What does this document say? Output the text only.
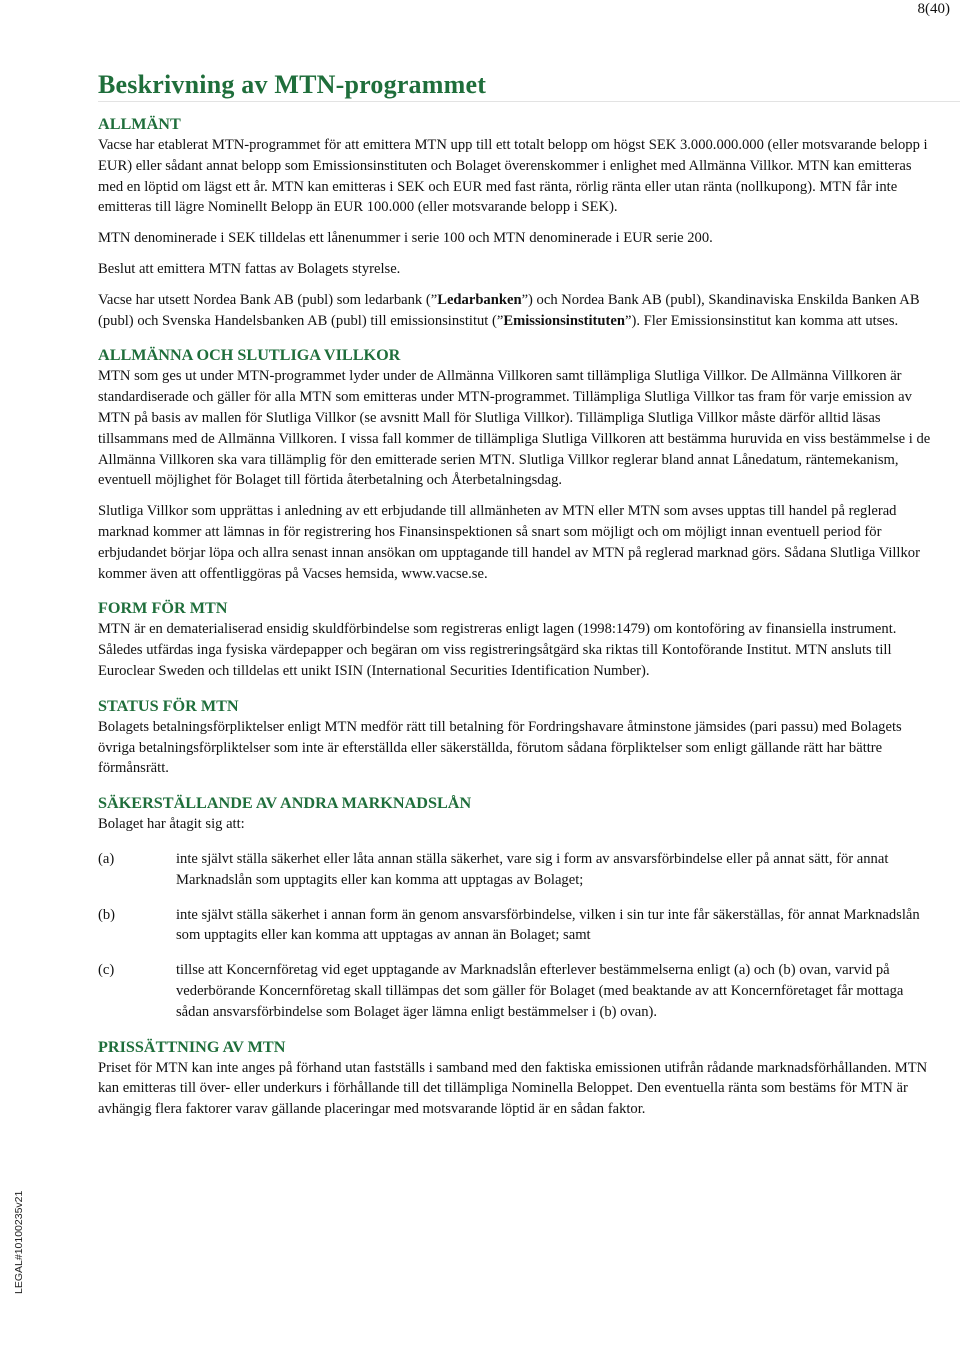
8(40)
Beskrivning av MTN-programmet
ALLMÄNT

Vacse har etablerat MTN-programmet för att emittera MTN upp till ett totalt belopp om högst SEK 3.000.000.000 (eller motsvarande belopp i EUR) eller sådant annat belopp som Emissionsinstituten och Bolaget överenskommer i enlighet med Allmänna Villkor. MTN kan emitteras med en löptid om lägst ett år. MTN kan emitteras i SEK och EUR med fast ränta, rörlig ränta eller utan ränta (nollkupong). MTN får inte emitteras till lägre Nominellt Belopp än EUR 100.000 (eller motsvarande belopp i SEK).

MTN denominerade i SEK tilldelas ett lånenummer i serie 100 och MTN denominerade i EUR serie 200.

Beslut att emittera MTN fattas av Bolagets styrelse.

Vacse har utsett Nordea Bank AB (publ) som ledarbank (”Ledarbanken”) och Nordea Bank AB (publ), Skandinaviska Enskilda Banken AB (publ) och Svenska Handelsbanken AB (publ) till emissionsinstitut (”Emissionsinstituten”). Fler Emissionsinstitut kan komma att utses.

ALLMÄNNA OCH SLUTLIGA VILLKOR

MTN som ges ut under MTN-programmet lyder under de Allmänna Villkoren samt tillämpliga Slutliga Villkor. De Allmänna Villkoren är standardiserade och gäller för alla MTN som emitteras under MTN-programmet. Tillämpliga Slutliga Villkor tas fram för varje emission av MTN på basis av mallen för Slutliga Villkor (se avsnitt Mall för Slutliga Villkor). Tillämpliga Slutliga Villkor måste därför alltid läsas tillsammans med de Allmänna Villkoren. I vissa fall kommer de tillämpliga Slutliga Villkoren att bestämma huruvida en viss bestämmelse i de Allmänna Villkoren ska vara tillämplig för den emitterade serien MTN. Slutliga Villkor reglerar bland annat Lånedatum, räntemekanism, eventuell möjlighet för Bolaget till förtida återbetalning och Återbetalningsdag.

Slutliga Villkor som upprättas i anledning av ett erbjudande till allmänheten av MTN eller MTN som avses upptas till handel på reglerad marknad kommer att lämnas in för registrering hos Finansinspektionen så snart som möjligt och om möjligt innan eventuell period för erbjudandet börjar löpa och allra senast innan ansökan om upptagande till handel av MTN på reglerad marknad görs. Sådana Slutliga Villkor kommer även att offentliggöras på Vacses hemsida, www.vacse.se.

FORM FÖR MTN

MTN är en dematerialiserad ensidig skuldförbindelse som registreras enligt lagen (1998:1479) om kontoföring av finansiella instrument. Således utfärdas inga fysiska värdepapper och begäran om viss registreringsåtgärd ska riktas till Kontoförande Institut. MTN ansluts till Euroclear Sweden och tilldelas ett unikt ISIN (International Securities Identification Number).

STATUS FÖR MTN

Bolagets betalningsförpliktelser enligt MTN medför rätt till betalning för Fordringshavare åtminstone jämsides (pari passu) med Bolagets övriga betalningsförpliktelser som inte är efterställda eller säkerställda, förutom sådana förpliktelser som enligt gällande rätt har bättre förmånsrätt.

SÄKERSTÄLLANDE AV ANDRA MARKNADSLÅN

Bolaget har åtagit sig att:

(a)	inte självt ställa säkerhet eller låta annan ställa säkerhet, vare sig i form av ansvarsförbindelse eller på annat sätt, för annat Marknadslån som upptagits eller kan komma att upptagas av Bolaget;
(b)	inte självt ställa säkerhet i annan form än genom ansvarsförbindelse, vilken i sin tur inte får säkerställas, för annat Marknadslån som upptagits eller kan komma att upptagas av annan än Bolaget; samt
(c)	tillse att Koncernföretag vid eget upptagande av Marknadslån efterlever bestämmelserna enligt (a) och (b) ovan, varvid på vederbörande Koncernföretag skall tillämpas det som gäller för Bolaget (med beaktande av att Koncernföretaget får mottaga sådan ansvarsförbindelse som Bolaget äger lämna enligt bestämmelser i (b) ovan).
PRISSÄTTNING AV MTN

Priset för MTN kan inte anges på förhand utan fastställs i samband med den faktiska emissionen utifrån rådande marknadsförhållanden. MTN kan emitteras till över- eller underkurs i förhållande till det tillämpliga Nominella Beloppet. Den eventuella ränta som bestäms för MTN är avhängig flera faktorer varav gällande placeringar med motsvarande löptid är en sådan faktor.

LEGAL#10100235v21
